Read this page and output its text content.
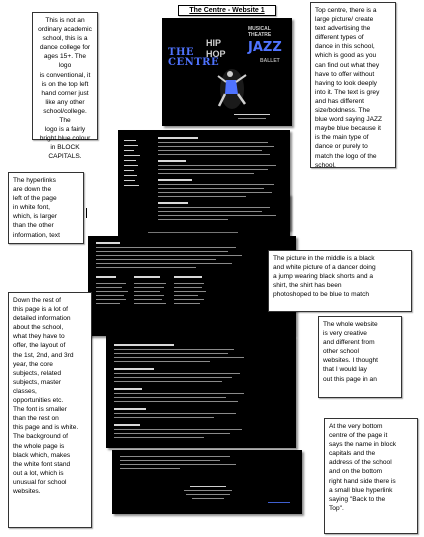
The Centre - Website 1
THE CENTRE
HIP
HOP
MUSICAL THEATRE
BALLET
JAZZ

This is not an

ordinary academic

school, this is a

dance college for

ages 15+. The logo

is conventional, it

is on the top left

hand corner just

like any other

school/college. The

logo is a fairly

bright blue colour

in BLOCK

CAPITALS.

Top centre, there is a

large picture/ create

text advertising the

different types of

dance in this school,

which is good as you

can find out what they

have to offer without

having to look deeply

into it. The text is grey

and has different

size/boldness. The

blue word saying JAZZ

maybe blue because it

is the main type of

dance or purely to

match the logo of the

school.

The hyperlinks

are down the

left of the page

in white font,

which, is larger

than the other

information, text

The picture in the middle is a black

and white picture of a dancer doing

a jump wearing black shorts and a

shirt, the shirt has been

photoshoped to be blue to match

Down the rest of

this page is a lot of

detailed information

about the school,

what they have to

offer, the layout of

the 1st, 2nd, and 3rd

year, the core

subjects, related

subjects, master

classes,

opportunities etc.

The font is smaller

than the rest on

this page and is white.

The background of

the whole page is

black which, makes

the white font stand

out a lot, which is

unusual for school

websites.

The whole website

is very creative

and different from

other school

websites. I thought

that I would lay

out this page in an

At the very bottom

centre of the page it

says the name in block

capitals and the

address of the school

and on the bottom

right hand side there is

a small blue hyperlink

saying "Back to the

Top".
